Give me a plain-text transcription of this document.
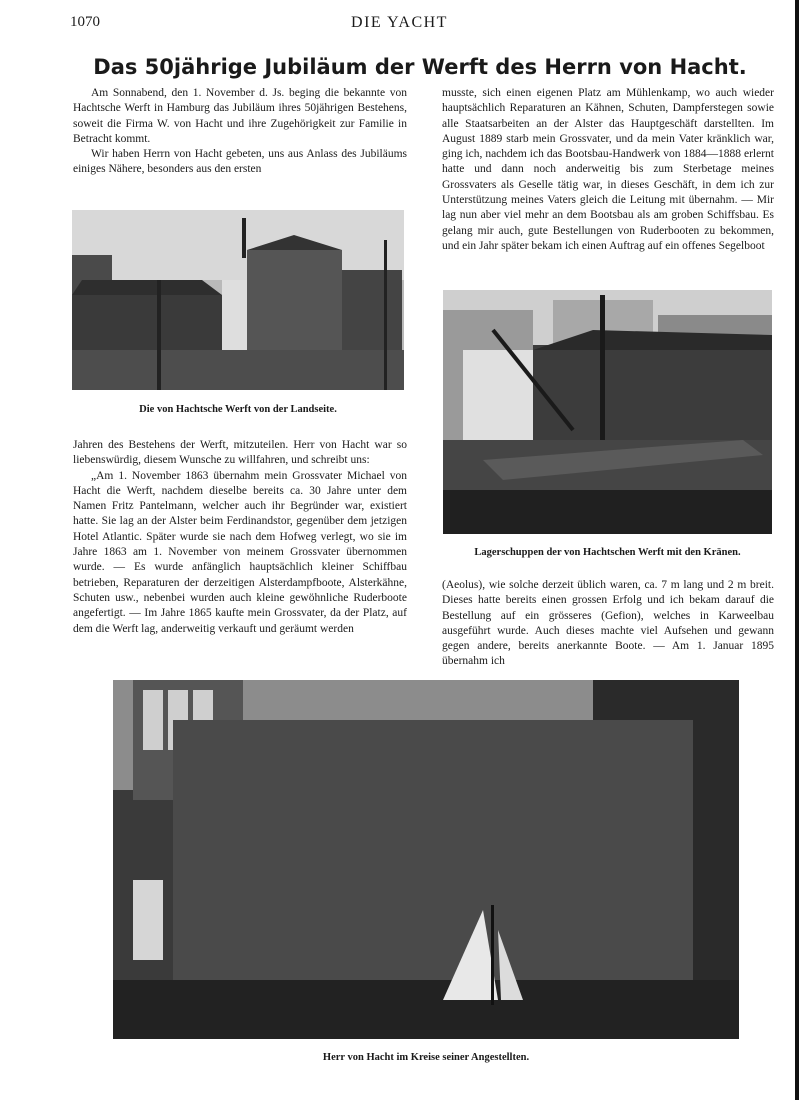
1070	DIE YACHT
Das 50jährige Jubiläum der Werft des Herrn von Hacht.

Am Sonnabend, den 1. November d. Js. beging die bekannte von Hachtsche Werft in Hamburg das Jubiläum ihres 50jährigen Bestehens, soweit die Firma W. von Hacht und ihre Zugehörigkeit zur Familie in Betracht kommt.

Wir haben Herrn von Hacht gebeten, uns aus Anlass des Jubiläums einiges Nähere, besonders aus den ersten

Die von Hachtsche Werft von der Landseite.

Jahren des Bestehens der Werft, mitzuteilen. Herr von Hacht war so liebenswürdig, diesem Wunsche zu willfahren, und schreibt uns:

„Am 1. November 1863 übernahm mein Grossvater Michael von Hacht die Werft, nachdem dieselbe bereits ca. 30 Jahre unter dem Namen Fritz Pantelmann, welcher auch ihr Begründer war, existiert hatte. Sie lag an der Alster beim Ferdinandstor, gegenüber dem jetzigen Hotel Atlantic. Später wurde sie nach dem Hofweg verlegt, wo sie im Jahre 1863 am 1. November von meinem Grossvater übernommen wurde. — Es wurde anfänglich hauptsächlich kleiner Schiffbau betrieben, Reparaturen der derzeitigen Alsterdampfboote, Alsterkähne, Schuten usw., nebenbei wurden auch kleine gewöhnliche Ruderboote angefertigt. — Im Jahre 1865 kaufte mein Grossvater, da der Platz, auf dem die Werft lag, anderweitig verkauft und geräumt werden

musste, sich einen eigenen Platz am Mühlenkamp, wo auch wieder hauptsächlich Reparaturen an Kähnen, Schuten, Dampferstegen sowie alle Staatsarbeiten an der Alster das Hauptgeschäft darstellten. Im August 1889 starb mein Grossvater, und da mein Vater kränklich war, ging ich, nachdem ich das Bootsbau-Handwerk von 1884—1888 erlernt hatte und dann noch anderweitig bis zum Sterbetage meines Grossvaters als Geselle tätig war, in dieses Geschäft, in dem ich zur Unterstützung meines Vaters gleich die Leitung mit übernahm. — Mir lag nun aber viel mehr an dem Bootsbau als am groben Schiffsbau. Es gelang mir auch, gute Bestellungen von Ruderbooten zu bekommen, und ein Jahr später bekam ich einen Auftrag auf ein offenes Segelboot

Lagerschuppen der von Hachtschen Werft mit den Kränen.

(Aeolus), wie solche derzeit üblich waren, ca. 7 m lang und 2 m breit. Dieses hatte bereits einen grossen Erfolg und ich bekam darauf die Bestellung auf ein grösseres (Gefion), welches in Karweelbau ausgeführt wurde. Auch dieses machte viel Aufsehen und gewann gegen andere, bereits anerkannte Boote. — Am 1. Januar 1895 übernahm ich

Herr von Hacht im Kreise seiner Angestellten.
